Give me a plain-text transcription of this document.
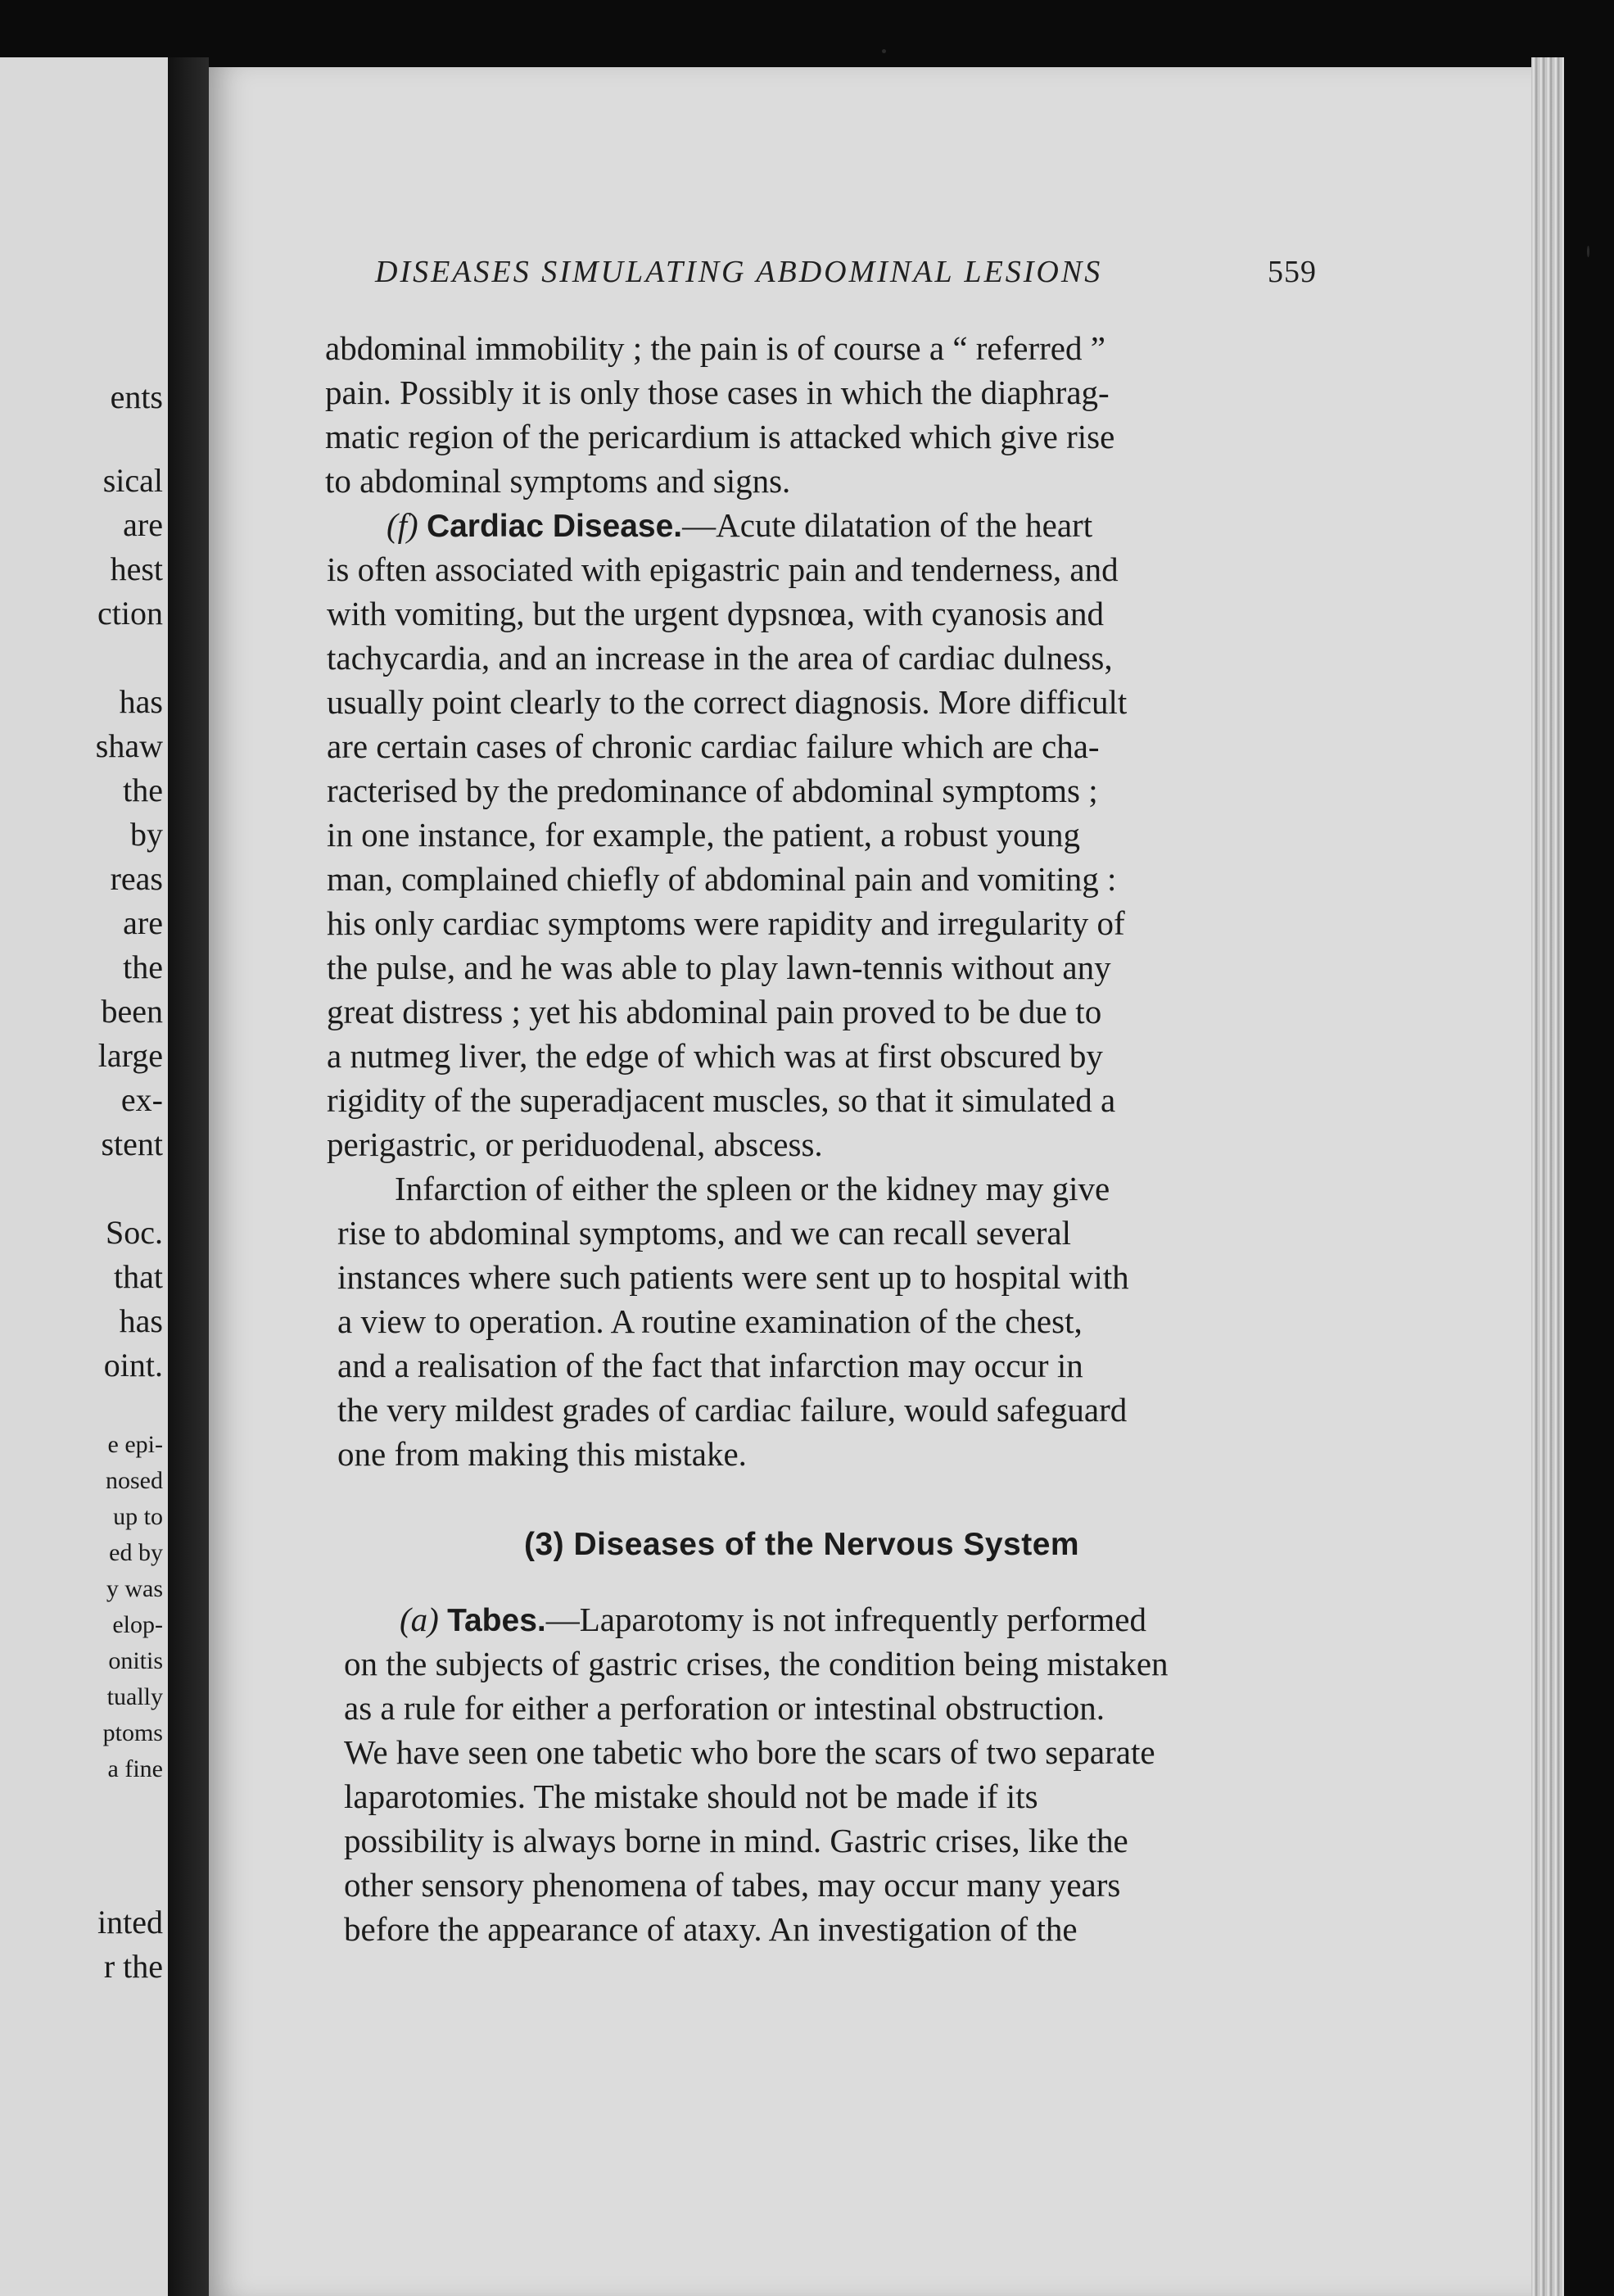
ents
sical
are
hest
ction
has
shaw
the
by
reas
are
the
been
large
ex-
stent
Soc.
that
has
oint.
e epi-
nosed
up to
ed by
y was
elop-
onitis
tually
ptoms
a fine
inted
r the
DISEASES SIMULATING ABDOMINAL LESIONS	559
abdominal immobility ; the pain is of course a “ referred ”
pain. Possibly it is only those cases in which the diaphrag-
matic region of the pericardium is attacked which give rise
to abdominal symptoms and signs.
(f) Cardiac Disease.—Acute dilatation of the heart
is often associated with epigastric pain and tenderness, and
with vomiting, but the urgent dypsnœa, with cyanosis and
tachycardia, and an increase in the area of cardiac dulness,
usually point clearly to the correct diagnosis. More difficult
are certain cases of chronic cardiac failure which are cha-
racterised by the predominance of abdominal symptoms ;
in one instance, for example, the patient, a robust young
man, complained chiefly of abdominal pain and vomiting :
his only cardiac symptoms were rapidity and irregularity of
the pulse, and he was able to play lawn-tennis without any
great distress ; yet his abdominal pain proved to be due to
a nutmeg liver, the edge of which was at first obscured by
rigidity of the superadjacent muscles, so that it simulated a
perigastric, or periduodenal, abscess.
Infarction of either the spleen or the kidney may give
rise to abdominal symptoms, and we can recall several
instances where such patients were sent up to hospital with
a view to operation. A routine examination of the chest,
and a realisation of the fact that infarction may occur in
the very mildest grades of cardiac failure, would safeguard
one from making this mistake.
(3) Diseases of the Nervous System
(a) Tabes.—Laparotomy is not infrequently performed
on the subjects of gastric crises, the condition being mistaken
as a rule for either a perforation or intestinal obstruction.
We have seen one tabetic who bore the scars of two separate
laparotomies. The mistake should not be made if its
possibility is always borne in mind. Gastric crises, like the
other sensory phenomena of tabes, may occur many years
before the appearance of ataxy. An investigation of the
